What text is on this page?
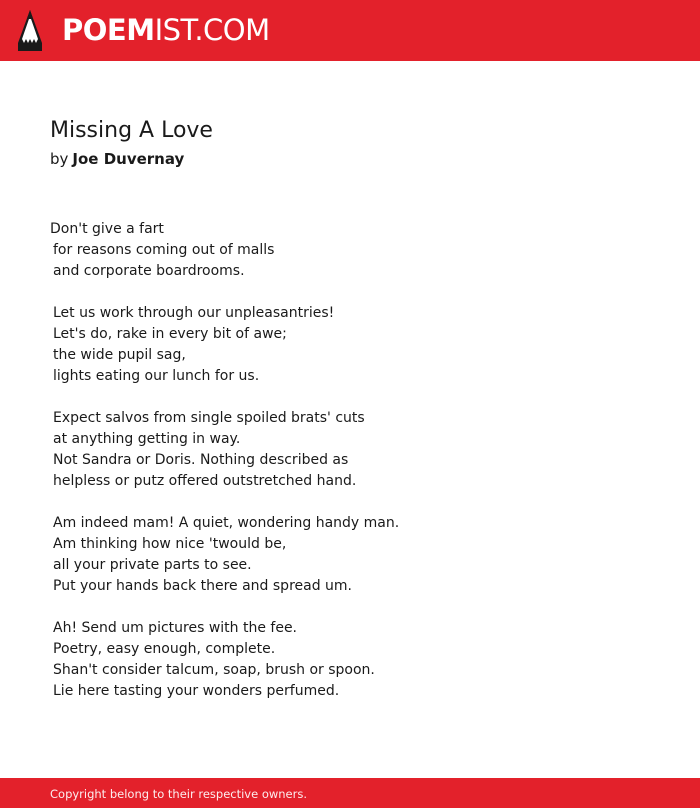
POEMIST.COM
Missing A Love
by Joe Duvernay
Don't give a fart
for reasons coming out of malls
and corporate boardrooms.
Let us work through our unpleasantries!
Let's do, rake in every bit of awe;
the wide pupil sag,
lights eating our lunch for us.
Expect salvos from single spoiled brats' cuts
at anything getting in way.
Not Sandra or Doris. Nothing described as
helpless or putz offered outstretched hand.
Am indeed mam! A quiet, wondering handy man.
Am thinking how nice 'twould be,
all your private parts to see.
Put your hands back there and spread um.
Ah! Send um pictures with the fee.
Poetry, easy enough, complete.
Shan't consider talcum, soap, brush or spoon.
Lie here tasting your wonders perfumed.
Copyright belong to their respective owners.
